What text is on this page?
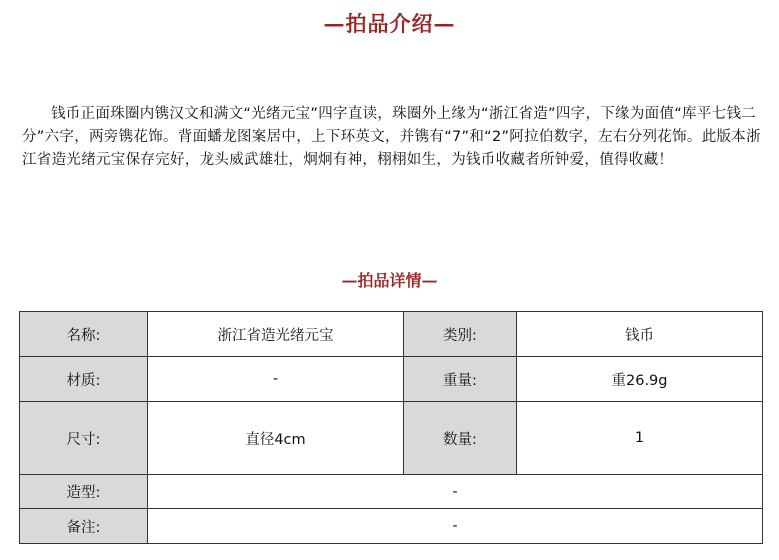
—拍品介绍—
钱币正面珠圈内镌汉文和满文“光绪元宝”四字直读，珠圈外上缘为“浙江省造”四字，下缘为面值“库平七钱二分”六字，两旁镌花饰。背面蟠龙图案居中，上下环英文，并镌有“7”和“2”阿拉伯数字，左右分列花饰。此版本浙江省造光绪元宝保存完好，龙头威武雄壮，炯炯有神，栩栩如生，为钱币收藏者所钟爱，值得收藏！
—拍品详情—
名称:	浙江省造光绪元宝	类别:	钱币
材质:	-	重量:	重26.9g
尺寸:	直径4cm	数量:	1
造型:	-		
备注:	-		
